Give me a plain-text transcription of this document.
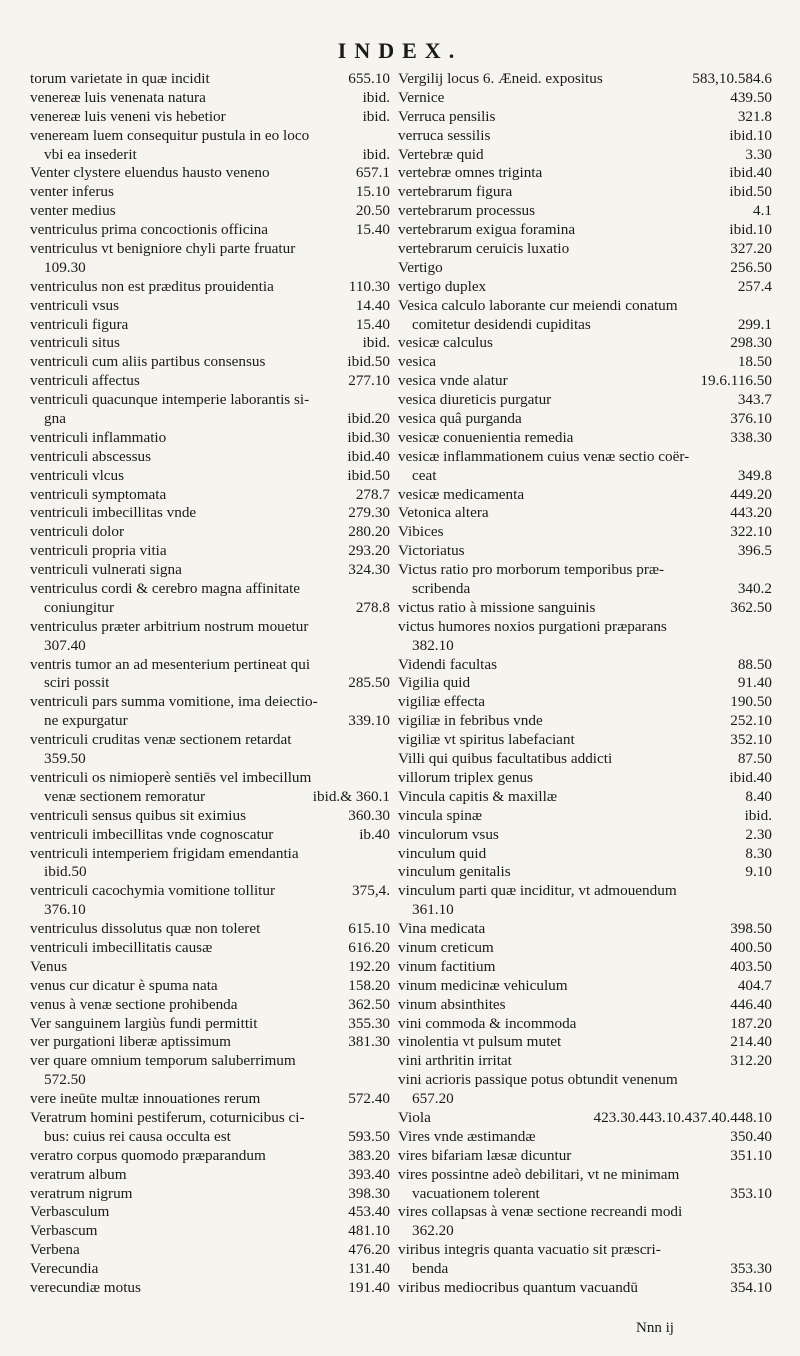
INDEX.
torum varietate in quæ incidit	655.10
venereæ luis venenata natura	ibid.
venereæ luis veneni vis hebetior	ibid.
veneream luem consequitur pustula in eo loco
vbi ea insederit	ibid.
Venter clystere eluendus hausto veneno	657.1
venter inferus	15.10
venter medius	20.50
ventriculus prima concoctionis officina	15.40
ventriculus vt benigniore chyli parte fruatur
109.30
ventriculus non est præditus prouidentia	110.30
ventriculi vsus	14.40
ventriculi figura	15.40
ventriculi situs	ibid.
ventriculi cum aliis partibus consensus	ibid.50
ventriculi affectus	277.10
ventriculi quacunque intemperie laborantis si-
gna	ibid.20
ventriculi inflammatio	ibid.30
ventriculi abscessus	ibid.40
ventriculi vlcus	ibid.50
ventriculi symptomata	278.7
ventriculi imbecillitas vnde	279.30
ventriculi dolor	280.20
ventriculi propria vitia	293.20
ventriculi vulnerati signa	324.30
ventriculus cordi & cerebro magna affinitate
coniungitur	278.8
ventriculus præter arbitrium nostrum mouetur
307.40
ventris tumor an ad mesenterium pertineat qui
sciri possit	285.50
ventriculi pars summa vomitione, ima deiectio-
ne expurgatur	339.10
ventriculi cruditas venæ sectionem retardat
359.50
ventriculi os nimioperè sentiēs vel imbecillum
venæ sectionem remoratur	ibid.& 360.1
ventriculi sensus quibus sit eximius	360.30
ventriculi imbecillitas vnde cognoscatur	ib.40
ventriculi intemperiem frigidam emendantia
ibid.50
ventriculi cacochymia vomitione tollitur	375,4.
376.10
ventriculus dissolutus quæ non toleret	615.10
ventriculi imbecillitatis causæ	616.20
Venus	192.20
venus cur dicatur è spuma nata	158.20
venus à venæ sectione prohibenda	362.50
Ver sanguinem largiùs fundi permittit	355.30
ver purgationi liberæ aptissimum	381.30
ver quare omnium temporum saluberrimum
572.50
vere ineūte multæ innouationes rerum	572.40
Veratrum homini pestiferum, coturnicibus ci-
bus: cuius rei causa occulta est	593.50
veratro corpus quomodo præparandum	383.20
veratrum album	393.40
veratrum nigrum	398.30
Verbasculum	453.40
Verbascum	481.10
Verbena	476.20
Verecundia	131.40
verecundiæ motus	191.40
Vergilij locus 6. Æneid. expositus	583,10.584.6
Vernice	439.50
Verruca pensilis	321.8
verruca sessilis	ibid.10
Vertebræ quid	3.30
vertebræ omnes triginta	ibid.40
vertebrarum figura	ibid.50
vertebrarum processus	4.1
vertebrarum exigua foramina	ibid.10
vertebrarum ceruicis luxatio	327.20
Vertigo	256.50
vertigo duplex	257.4
Vesica calculo laborante cur meiendi conatum
comitetur desidendi cupiditas	299.1
vesicæ calculus	298.30
vesica	18.50
vesica vnde alatur	19.6.116.50
vesica diureticis purgatur	343.7
vesica quâ purganda	376.10
vesicæ conuenientia remedia	338.30
vesicæ inflammationem cuius venæ sectio coër-
ceat	349.8
vesicæ medicamenta	449.20
Vetonica altera	443.20
Vibices	322.10
Victoriatus	396.5
Victus ratio pro morborum temporibus præ-
scribenda	340.2
victus ratio à missione sanguinis	362.50
victus humores noxios purgationi præparans
382.10
Videndi facultas	88.50
Vigilia quid	91.40
vigiliæ effecta	190.50
vigiliæ in febribus vnde	252.10
vigiliæ vt spiritus labefaciant	352.10
Villi qui quibus facultatibus addicti	87.50
villorum triplex genus	ibid.40
Vincula capitis & maxillæ	8.40
vincula spinæ	ibid.
vinculorum vsus	2.30
vinculum quid	8.30
vinculum genitalis	9.10
vinculum parti quæ inciditur, vt admouendum
361.10
Vina medicata	398.50
vinum creticum	400.50
vinum factitium	403.50
vinum medicinæ vehiculum	404.7
vinum absinthites	446.40
vini commoda & incommoda	187.20
vinolentia vt pulsum mutet	214.40
vini arthritin irritat	312.20
vini acrioris passique potus obtundit venenum
657.20
Viola	423.30.443.10.437.40.448.10
Vires vnde æstimandæ	350.40
vires bifariam læsæ dicuntur	351.10
vires possintne adeò debilitari, vt ne minimam
vacuationem tolerent	353.10
vires collapsas à venæ sectione recreandi modi
362.20
viribus integris quanta vacuatio sit præscri-
benda	353.30
viribus mediocribus quantum vacuandū	354.10
Nnn ij
